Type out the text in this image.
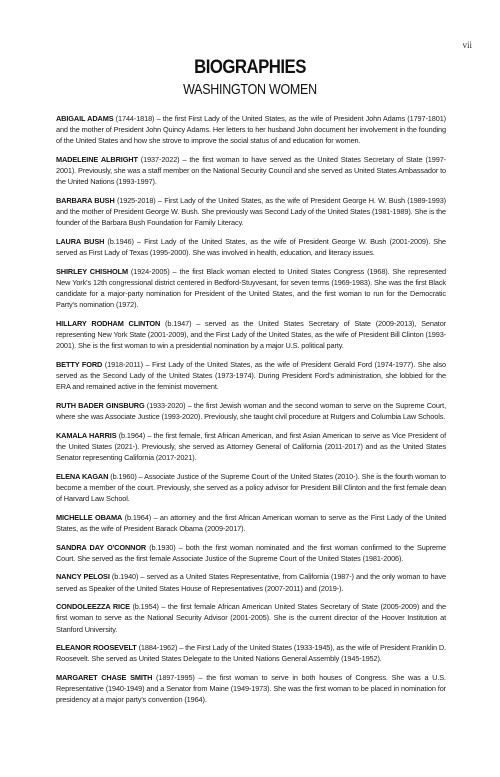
vii
BIOGRAPHIES
WASHINGTON WOMEN

ABIGAIL ADAMS (1744-1818) – the first First Lady of the United States, as the wife of President John Adams (1797-1801) and the mother of President John Quincy Adams. Her letters to her husband John document her involvement in the founding of the United States and how she strove to improve the social status of and education for women.

MADELEINE ALBRIGHT (1937-2022) – the first woman to have served as the United States Secretary of State (1997-2001). Previously, she was a staff member on the National Security Council and she served as United States Ambassador to the United Nations (1993-1997).

BARBARA BUSH (1925-2018) – First Lady of the United States, as the wife of President George H. W. Bush (1989-1993) and the mother of President George W. Bush. She previously was Second Lady of the United States (1981-1989). She is the founder of the Barbara Bush Foundation for Family Literacy.

LAURA BUSH (b.1946) – First Lady of the United States, as the wife of President George W. Bush (2001-2009). She served as First Lady of Texas (1995-2000). She was involved in health, education, and literacy issues.

SHIRLEY CHISHOLM (1924-2005) – the first Black woman elected to United States Congress (1968). She represented New York's 12th congressional district centered in Bedford-Stuyvesant, for seven terms (1969-1983). She was the first Black candidate for a major-party nomination for President of the United States, and the first woman to run for the Democratic Party's nomination (1972).

HILLARY RODHAM CLINTON (b.1947) – served as the United States Secretary of State (2009-2013), Senator representing New York State (2001-2009), and the First Lady of the United States, as the wife of President Bill Clinton (1993-2001). She is the first woman to win a presidential nomination by a major U.S. political party.

BETTY FORD (1918-2011) – First Lady of the United States, as the wife of President Gerald Ford (1974-1977). She also served as the Second Lady of the United States (1973-1974). During President Ford's administration, she lobbied for the ERA and remained active in the feminist movement.

RUTH BADER GINSBURG (1933-2020) – the first Jewish woman and the second woman to serve on the Supreme Court, where she was Associate Justice (1993-2020). Previously, she taught civil procedure at Rutgers and Columbia Law Schools.

KAMALA HARRIS (b.1964) – the first female, first African American, and first Asian American to serve as Vice President of the United States (2021-). Previously, she served as Attorney General of California (2011-2017) and as the United States Senator representing California (2017-2021).

ELENA KAGAN (b.1960) – Associate Justice of the Supreme Court of the United States (2010-). She is the fourth woman to become a member of the court. Previously, she served as a policy advisor for President Bill Clinton and the first female dean of Harvard Law School.

MICHELLE OBAMA (b.1964) – an attorney and the first African American woman to serve as the First Lady of the United States, as the wife of President Barack Obama (2009-2017).

SANDRA DAY O'CONNOR (b.1930) – both the first woman nominated and the first woman confirmed to the Supreme Court. She served as the first female Associate Justice of the Supreme Court of the United States (1981-2006).

NANCY PELOSI (b.1940) – served as a United States Representative, from California (1987-) and the only woman to have served as Speaker of the United States House of Representatives (2007-2011) and (2019-).

CONDOLEEZZA RICE (b.1954) – the first female African American United States Secretary of State (2005-2009) and the first woman to serve as the National Security Advisor (2001-2005). She is the current director of the Hoover Institution at Stanford University.

ELEANOR ROOSEVELT (1884-1962) – the First Lady of the United States (1933-1945), as the wife of President Franklin D. Roosevelt. She served as United States Delegate to the United Nations General Assembly (1945-1952).

MARGARET CHASE SMITH (1897-1995) – the first woman to serve in both houses of Congress. She was a U.S. Representative (1940-1949) and a Senator from Maine (1949-1973). She was the first woman to be placed in nomination for presidency at a major party's convention (1964).
